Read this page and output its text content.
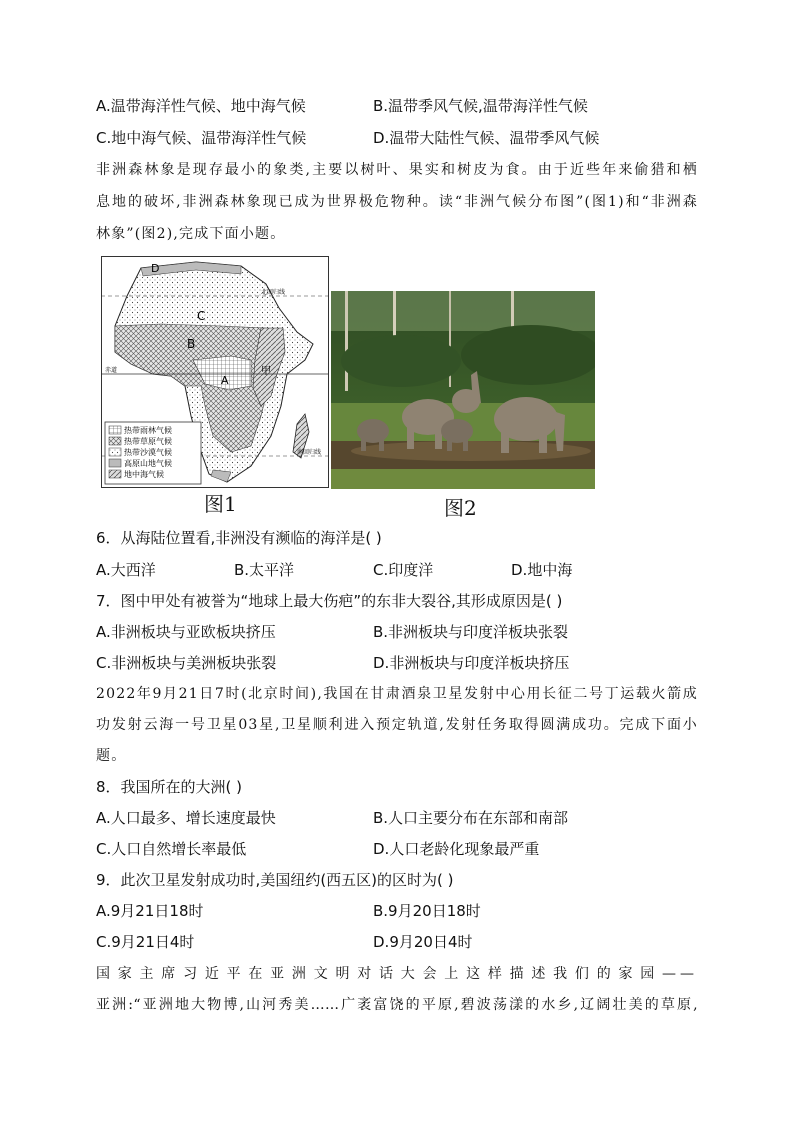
A.温带海洋性气候、地中海气候	B.温带季风气候,温带海洋性气候
C.地中海气候、温带海洋性气候	D.温带大陆性气候、温带季风气候
非洲森林象是现存最小的象类,主要以树叶、果实和树皮为食。由于近些年来偷猎和栖
息地的破坏,非洲森林象现已成为世界极危物种。读“非洲气候分布图”(图1)和“非洲森
林象”(图2),完成下面小题。
北回归线
赤道
南回归线
D
C
B
A
甲
热带雨林气候
热带草原气候
热带沙漠气候
高原山地气候
地中海气候
图1	图2
6．从海陆位置看,非洲没有濒临的海洋是( )
A.大西洋	B.太平洋	C.印度洋	D.地中海
7．图中甲处有被誉为“地球上最大伤疤”的东非大裂谷,其形成原因是( )
A.非洲板块与亚欧板块挤压	B.非洲板块与印度洋板块张裂
C.非洲板块与美洲板块张裂	D.非洲板块与印度洋板块挤压
2022年9月21日7时(北京时间),我国在甘肃酒泉卫星发射中心用长征二号丁运载火箭成
功发射云海一号卫星03星,卫星顺利进入预定轨道,发射任务取得圆满成功。完成下面小
题。
8．我国所在的大洲( )
A.人口最多、增长速度最快	B.人口主要分布在东部和南部
C.人口自然增长率最低	D.人口老龄化现象最严重
9．此次卫星发射成功时,美国纽约(西五区)的区时为( )
A.9月21日18时	B.9月20日18时
C.9月21日4时	D.9月20日4时
国家主席习近平在亚洲文明对话大会上这样描述我们的家园——
亚洲:“亚洲地大物博,山河秀美……广袤富饶的平原,碧波荡漾的水乡,辽阔壮美的草原,
